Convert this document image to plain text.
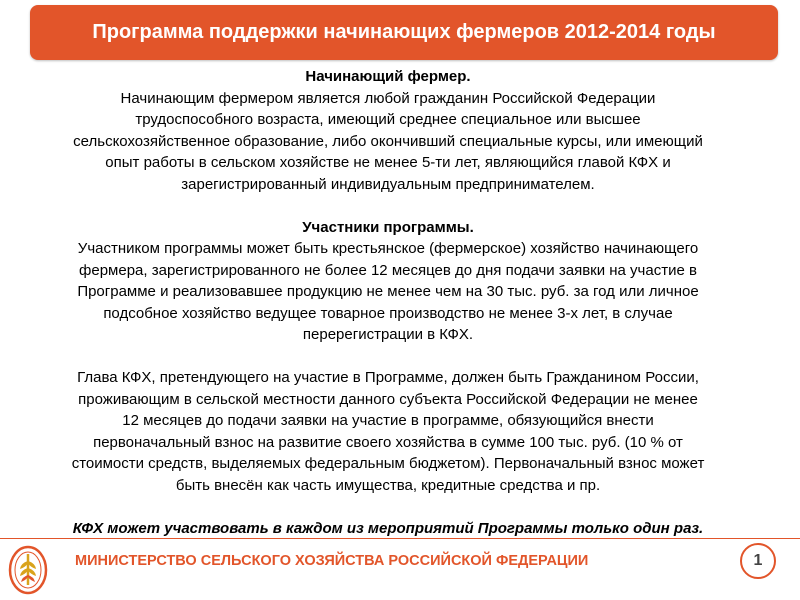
Программа поддержки начинающих фермеров 2012-2014 годы

Начинающий фермер.

Начинающим фермером является любой гражданин Российской Федерации

трудоспособного возраста, имеющий среднее специальное или высшее

сельскохозяйственное образование, либо окончивший специальные курсы, или имеющий

опыт работы в сельском хозяйстве не менее 5-ти лет, являющийся главой КФХ и

зарегистрированный индивидуальным предпринимателем.

Участники программы.

Участником программы может быть крестьянское (фермерское) хозяйство начинающего

фермера, зарегистрированного не более 12 месяцев до дня подачи заявки на участие в

Программе и реализовавшее продукцию не менее чем на 30 тыс. руб. за год или личное

подсобное хозяйство ведущее товарное производство не менее 3-х лет, в случае

перерегистрации в КФХ.

Глава КФХ, претендующего на участие в Программе, должен быть Гражданином России,

проживающим в сельской местности данного субъекта Российской Федерации не менее

12 месяцев до подачи заявки на участие в программе, обязующийся внести

первоначальный взнос на развитие своего хозяйства в сумме 100 тыс. руб. (10 % от

стоимости средств, выделяемых федеральным бюджетом). Первоначальный взнос может

быть внесён как часть имущества, кредитные средства и пр.

КФХ может участвовать в каждом из мероприятий Программы только один раз.

МИНИСТЕРСТВО СЕЛЬСКОГО ХОЗЯЙСТВА РОССИЙСКОЙ ФЕДЕРАЦИИ	1
